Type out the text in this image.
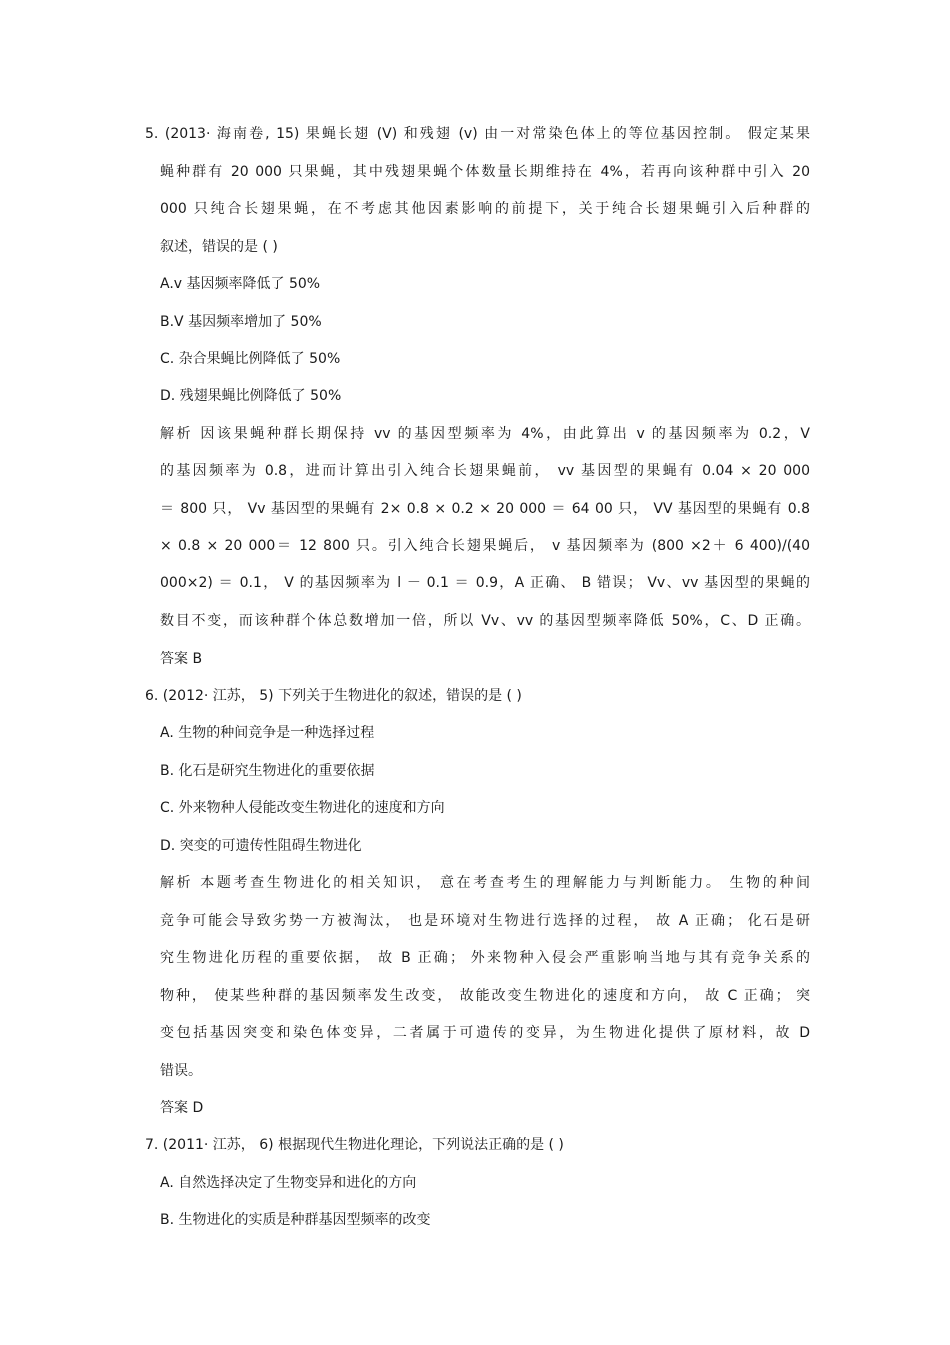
5. (2013· 海南卷, 15) 果蝇长翅 (V) 和残翅 (v) 由一对常染色体上的等位基因控制。 假定某果
蝇种群有 20 000 只果蝇，其中残翅果蝇个体数量长期维持在 4%，若再向该种群中引入 20
000 只纯合长翅果蝇，在不考虑其他因素影响的前提下，关于纯合长翅果蝇引入后种群的
叙述，错误的是 ( )
A.v 基因频率降低了 50%
B.V 基因频率增加了 50%
C. 杂合果蝇比例降低了 50%
D. 残翅果蝇比例降低了 50%
解析 因该果蝇种群长期保持 vv 的基因型频率为 4%，由此算出 v 的基因频率为 0.2，V
的基因频率为 0.8，进而计算出引入纯合长翅果蝇前， vv 基因型的果蝇有 0.04 × 20 000
＝ 800 只， Vv 基因型的果蝇有 2× 0.8 × 0.2 × 20 000 ＝ 64 00 只， VV 基因型的果蝇有 0.8
× 0.8 × 20 000＝ 12 800 只。引入纯合长翅果蝇后， v 基因频率为 (800 ×2＋ 6 400)/(40
000×2) ＝ 0.1， V 的基因频率为 l － 0.1 ＝ 0.9，A 正确、 B 错误； Vv、vv 基因型的果蝇的
数目不变，而该种群个体总数增加一倍，所以 Vv、vv 的基因型频率降低 50%，C、D 正确。
答案 B
6. (2012· 江苏， 5) 下列关于生物进化的叙述，错误的是 ( )
A. 生物的种间竞争是一种选择过程
B. 化石是研究生物进化的重要依据
C. 外来物种人侵能改变生物进化的速度和方向
D. 突变的可遗传性阻碍生物进化
解析 本题考查生物进化的相关知识， 意在考查考生的理解能力与判断能力。 生物的种间
竞争可能会导致劣势一方被淘汰， 也是环境对生物进行选择的过程， 故 A 正确； 化石是研
究生物进化历程的重要依据， 故 B 正确； 外来物种入侵会严重影响当地与其有竞争关系的
物种， 使某些种群的基因频率发生改变， 故能改变生物进化的速度和方向， 故 C 正确； 突
变包括基因突变和染色体变异，二者属于可遗传的变异，为生物进化提供了原材料，故 D
错误。
答案 D
7. (2011· 江苏， 6) 根据现代生物进化理论，下列说法正确的是 ( )
A. 自然选择决定了生物变异和进化的方向
B. 生物进化的实质是种群基因型频率的改变
